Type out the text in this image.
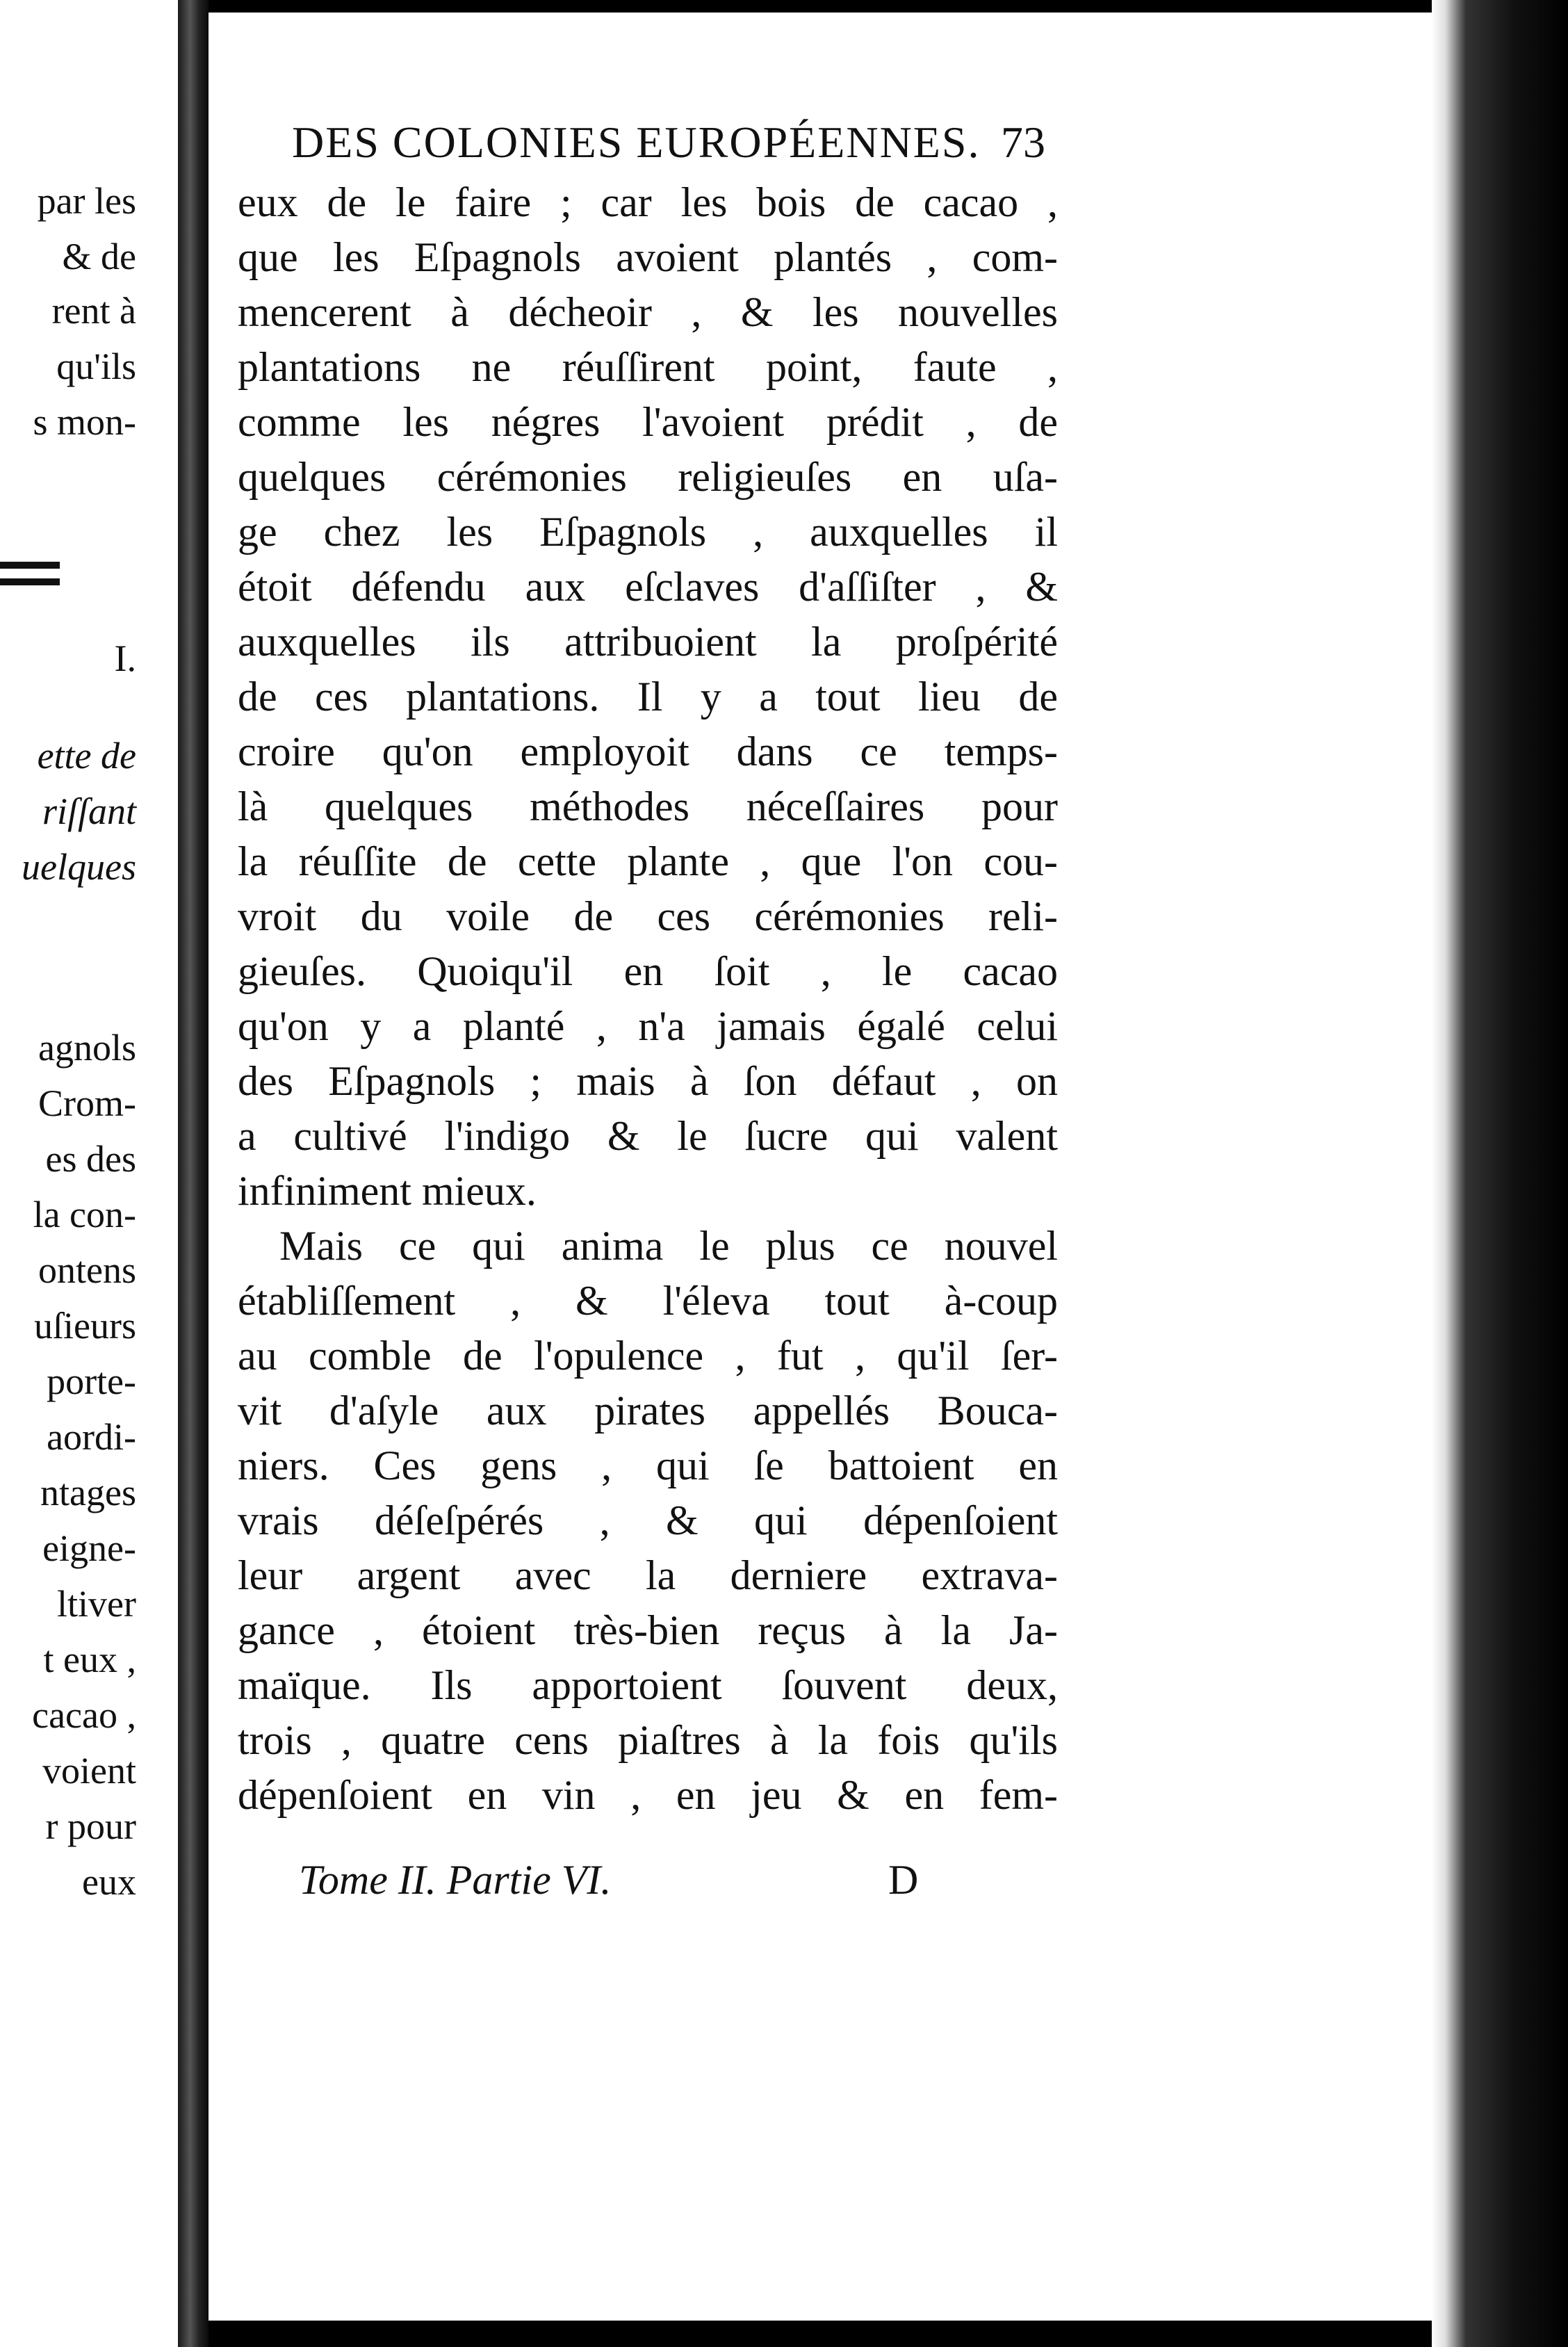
par les
& de
rent à
qu'ils
s mon-
I.
ette de
riſſant
uelques
agnols
Crom-
es des
la con-
ontens
uſieurs
porte-
aordi-
ntages
eigne-
ltiver
t eux ,
cacao ,
voient
r pour
eux
DES COLONIES EUROPÉENNES. 73
eux de le faire ; car les bois de cacao ,
que les Eſpagnols avoient plantés , com-
mencerent à décheoir , & les nouvelles
plantations ne réuſſirent point, faute ,
comme les négres l'avoient prédit , de
quelques cérémonies religieuſes en uſa-
ge chez les Eſpagnols , auxquelles il
étoit défendu aux eſclaves d'aſſiſter , &
auxquelles ils attribuoient la proſpérité
de ces plantations. Il y a tout lieu de
croire qu'on employoit dans ce temps-
là quelques méthodes néceſſaires pour
la réuſſite de cette plante , que l'on cou-
vroit du voile de ces cérémonies reli-
gieuſes. Quoiqu'il en ſoit , le cacao
qu'on y a planté , n'a jamais égalé celui
des Eſpagnols ; mais à ſon défaut , on
a cultivé l'indigo & le ſucre qui valent
infiniment mieux.
Mais ce qui anima le plus ce nouvel
établiſſement , & l'éleva tout à-coup
au comble de l'opulence , fut , qu'il ſer-
vit d'aſyle aux pirates appellés Bouca-
niers. Ces gens , qui ſe battoient en
vrais déſeſpérés , & qui dépenſoient
leur argent avec la derniere extrava-
gance , étoient très-bien reçus à la Ja-
maïque. Ils apportoient ſouvent deux,
trois , quatre cens piaſtres à la fois qu'ils
dépenſoient en vin , en jeu & en fem-
Tome II. Partie VI.	D
